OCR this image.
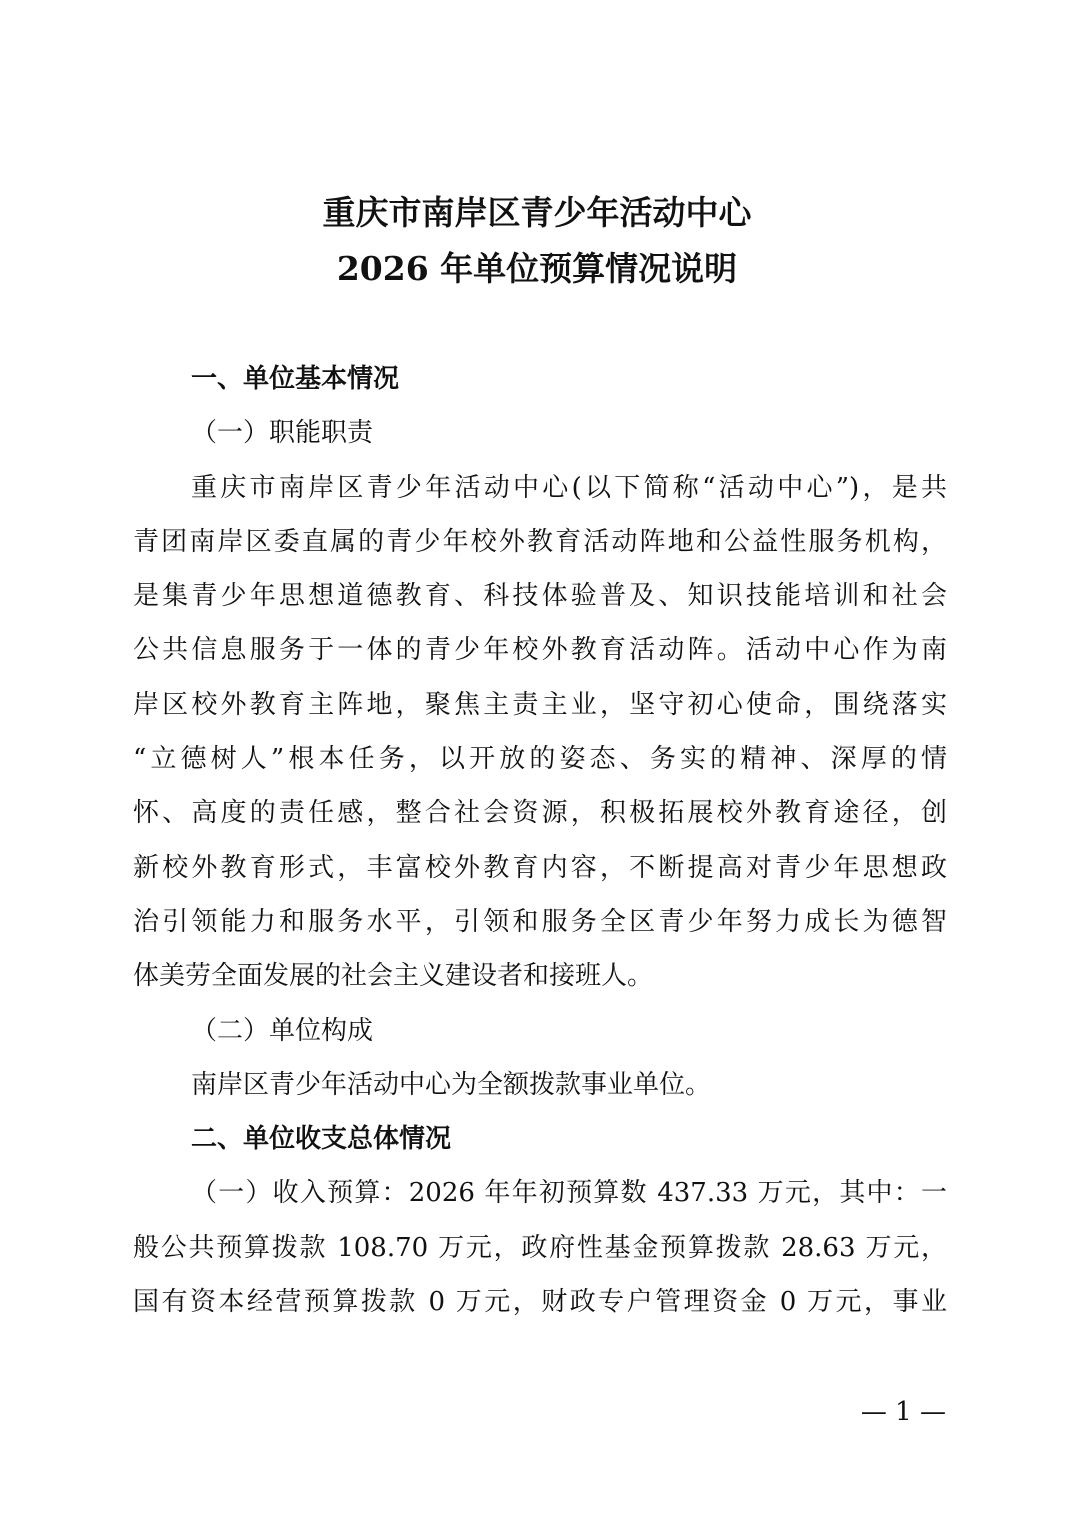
重庆市南岸区青少年活动中心
2026 年单位预算情况说明
一、单位基本情况
（一）职能职责
重庆市南岸区青少年活动中心(以下简称“活动中心”)，是共
青团南岸区委直属的青少年校外教育活动阵地和公益性服务机构，
是集青少年思想道德教育、科技体验普及、知识技能培训和社会
公共信息服务于一体的青少年校外教育活动阵。活动中心作为南
岸区校外教育主阵地，聚焦主责主业，坚守初心使命，围绕落实
“立德树人”根本任务，以开放的姿态、务实的精神、深厚的情
怀、高度的责任感，整合社会资源，积极拓展校外教育途径，创
新校外教育形式，丰富校外教育内容，不断提高对青少年思想政
治引领能力和服务水平，引领和服务全区青少年努力成长为德智
体美劳全面发展的社会主义建设者和接班人。
（二）单位构成
南岸区青少年活动中心为全额拨款事业单位。
二、单位收支总体情况
（一）收入预算：2026 年年初预算数 437.33 万元，其中：一
般公共预算拨款 108.70 万元，政府性基金预算拨款 28.63 万元，
国有资本经营预算拨款 0 万元，财政专户管理资金 0 万元，事业
— 1 —
